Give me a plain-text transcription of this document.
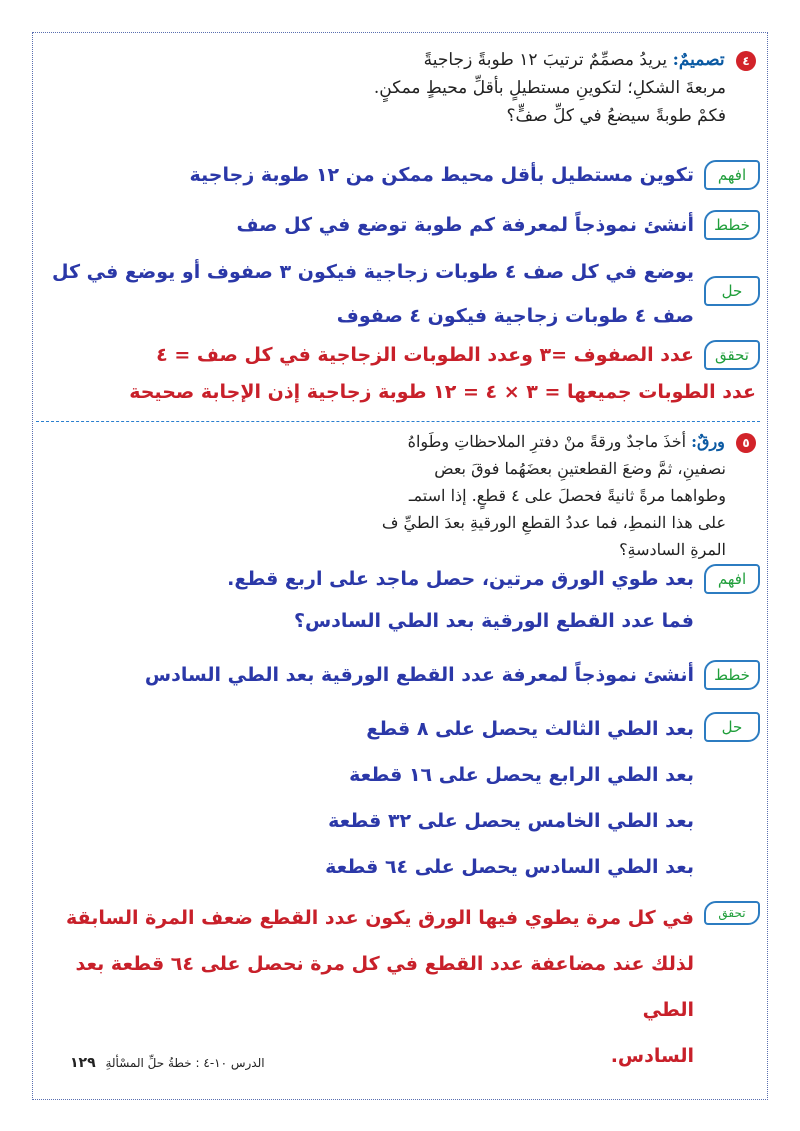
٤ تصميمٌ: يريدُ مصمِّمٌ ترتيبَ ١٢ طوبةً زجاجيةً
مربعةَ الشكلِ؛ لتكوينِ مستطيلٍ بأقلِّ محيطٍ ممكنٍ.
فكمْ طوبةً سيضعُ في كلِّ صفٍّ؟
افهم
تكوين مستطيل بأقل محيط ممكن من ١٢ طوبة زجاجية
خطط
أنشئ نموذجاً لمعرفة كم طوبة توضع في كل صف
حل
يوضع في كل صف ٤ طوبات زجاجية فيكون ٣ صفوف أو يوضع في كل
صف ٤ طوبات زجاجية فيكون ٤ صفوف
تحقق
عدد الصفوف =٣ وعدد الطوبات الزجاجية في كل صف = ٤
عدد الطوبات جميعها = ٣ × ٤ = ١٢ طوبة زجاجية إذن الإجابة صحيحة
٥ ورقٌ: أخذَ ماجدٌ ورقةً منْ دفترِ الملاحظاتِ وطَواهُ
نصفينِ، ثمَّ وضعَ القطعتينِ بعضَهُما فوقَ بعض
وطواهما مرةً ثانيةً فحصلَ على ٤ قطعٍ. إذا استمـ
على هذا النمطِ، فما عددُ القطعِ الورقيةِ بعدَ الطيِّ ف
المرةِ السادسةِ؟
افهم
بعد طوي الورق مرتين، حصل ماجد على اربع قطع.
فما عدد القطع الورقية بعد الطي السادس؟
خطط
أنشئ نموذجاً لمعرفة عدد القطع الورقية بعد الطي السادس
حل
بعد الطي الثالث يحصل على ٨ قطع
بعد الطي الرابع يحصل على ١٦ قطعة
بعد الطي الخامس يحصل على ٣٢ قطعة
بعد الطي السادس يحصل على ٦٤ قطعة
تحقق
في كل مرة يطوي فيها الورق يكون عدد القطع ضعف المرة السابقة
لذلك عند مضاعفة عدد القطع في كل مرة نحصل على ٦٤ قطعة بعد الطي
السادس.
الدرس ١٠-٤ : خطةُ حلِّ المسْألةِ ١٢٩
